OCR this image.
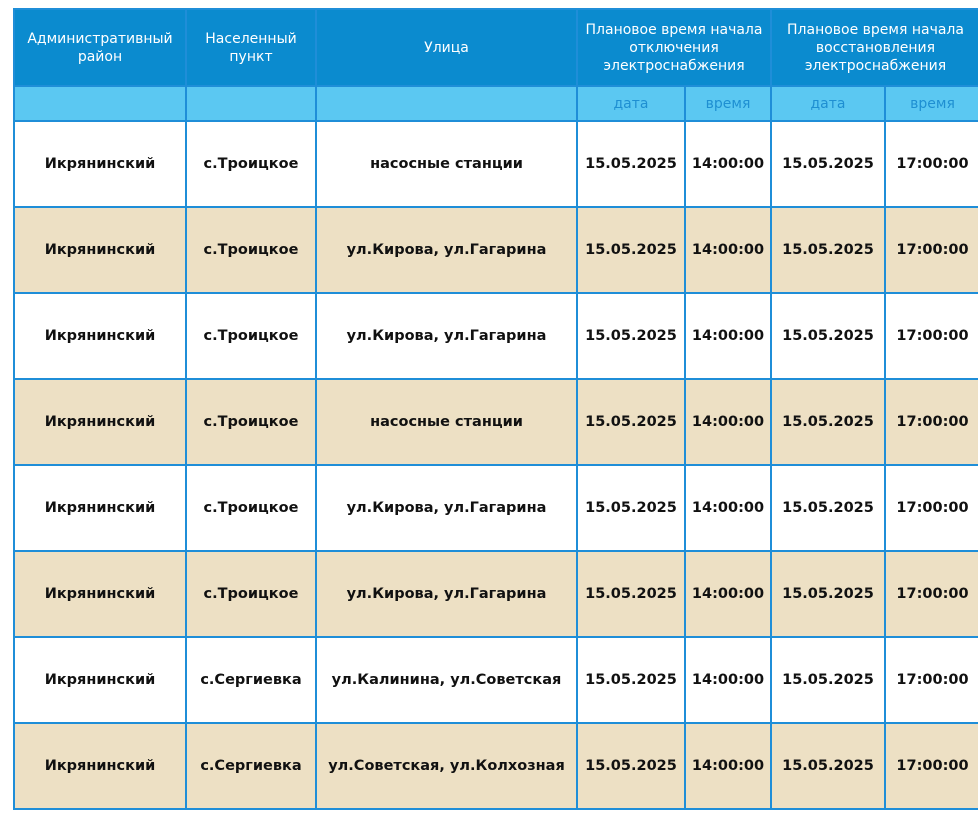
Административный район	Населенный пункт	Улица	Плановое время начала отключения электроснабжения		Плановое время начала восстановления электроснабжения	
			дата	время	дата	время
Икрянинский	с.Троицкое	насосные станции	15.05.2025	14:00:00	15.05.2025	17:00:00
Икрянинский	с.Троицкое	ул.Кирова, ул.Гагарина	15.05.2025	14:00:00	15.05.2025	17:00:00
Икрянинский	с.Троицкое	ул.Кирова, ул.Гагарина	15.05.2025	14:00:00	15.05.2025	17:00:00
Икрянинский	с.Троицкое	насосные станции	15.05.2025	14:00:00	15.05.2025	17:00:00
Икрянинский	с.Троицкое	ул.Кирова, ул.Гагарина	15.05.2025	14:00:00	15.05.2025	17:00:00
Икрянинский	с.Троицкое	ул.Кирова, ул.Гагарина	15.05.2025	14:00:00	15.05.2025	17:00:00
Икрянинский	с.Сергиевка	ул.Калинина, ул.Советская	15.05.2025	14:00:00	15.05.2025	17:00:00
Икрянинский	с.Сергиевка	ул.Советская, ул.Колхозная	15.05.2025	14:00:00	15.05.2025	17:00:00
